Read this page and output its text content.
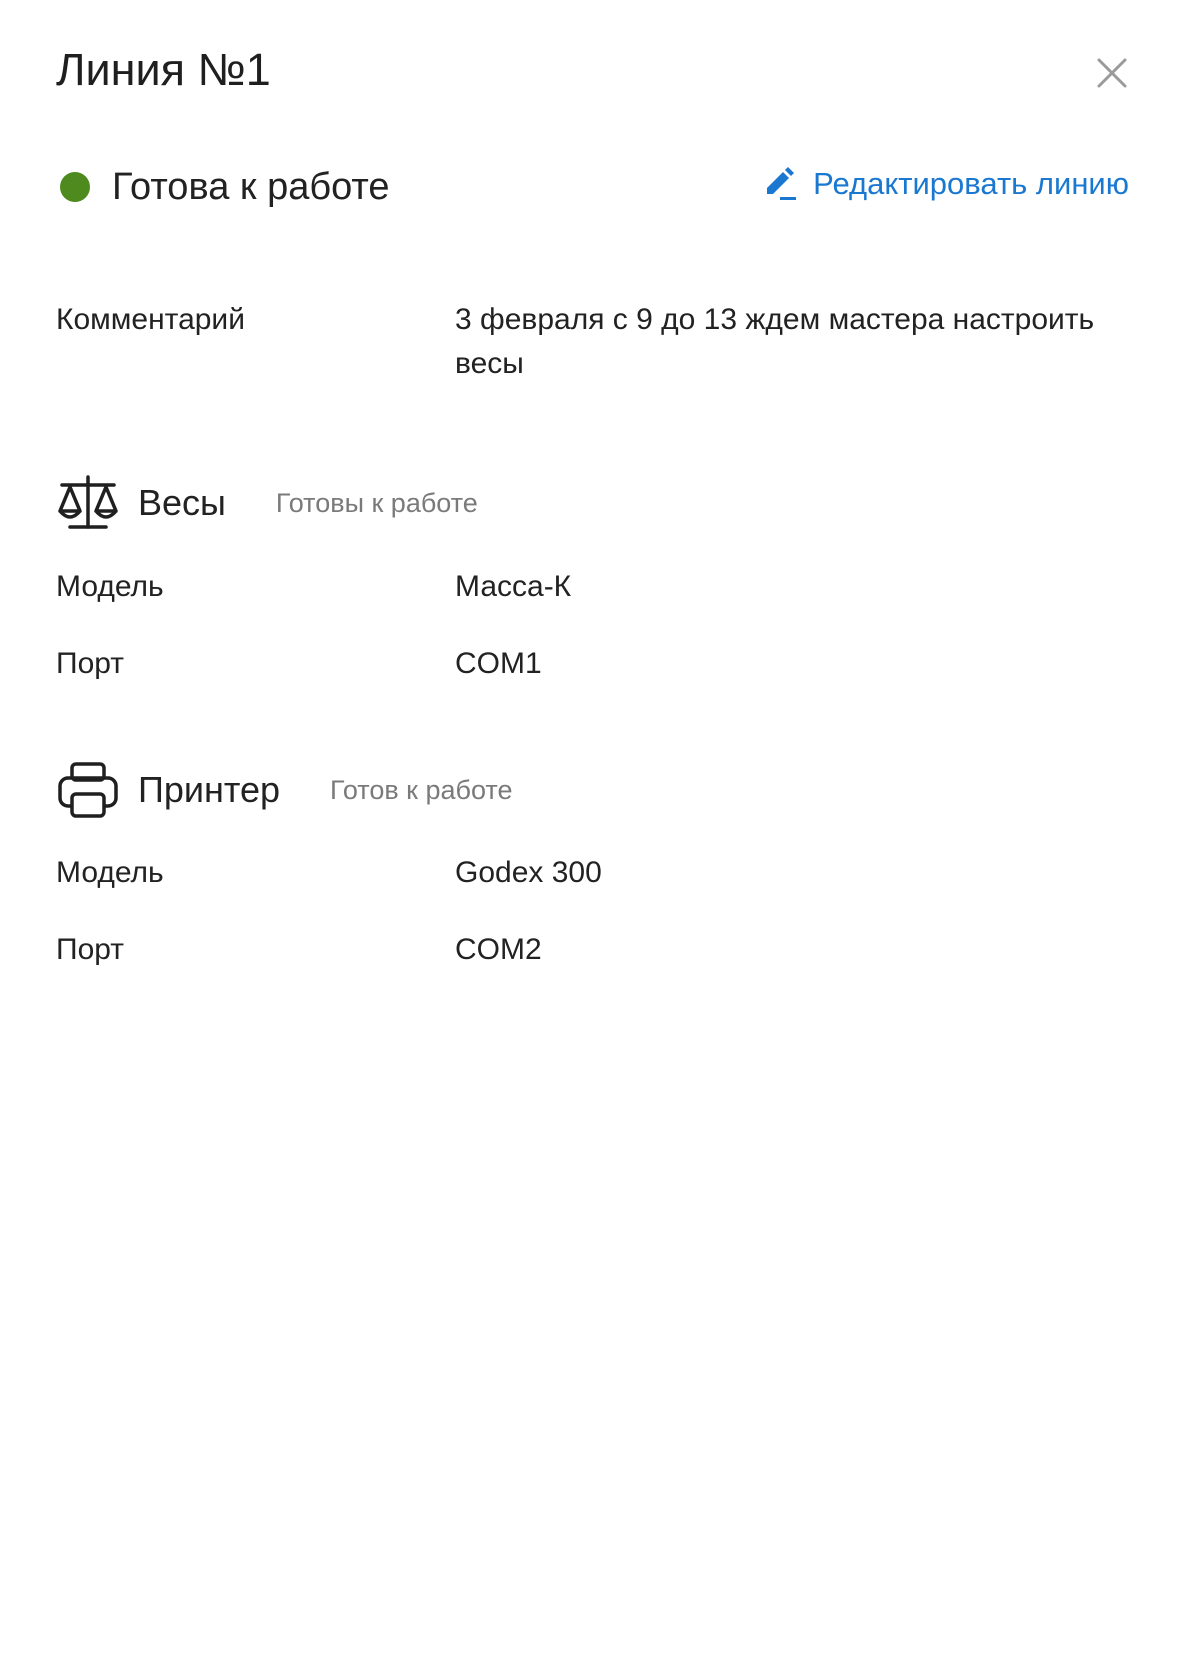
Линия №1
Готова к работе	Редактировать линию
Комментарий	3 февраля с 9 до 13 ждем мастера настроить весы
Весы Готовы к работе
Модель	Масса-К
Порт	COM1
Принтер Готов к работе
Модель	Godex 300
Порт	COM2
